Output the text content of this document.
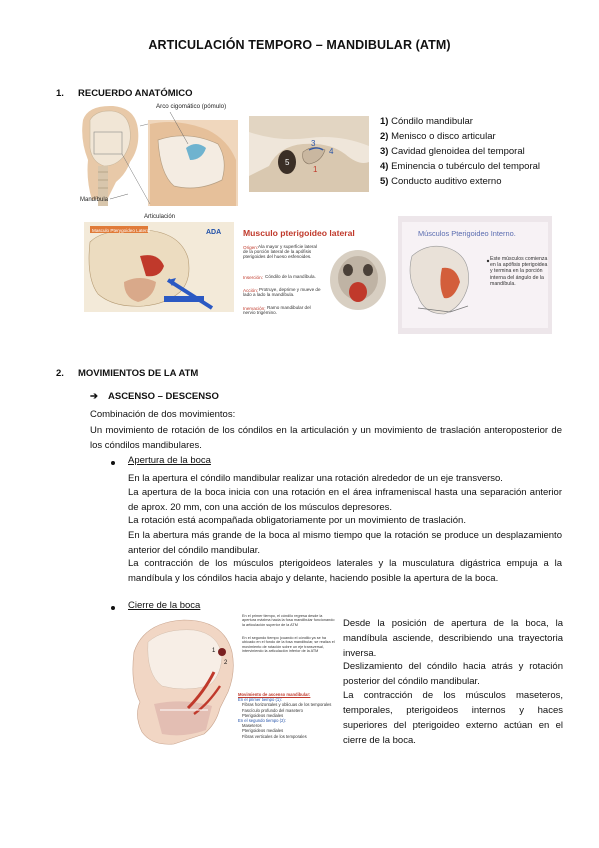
ARTICULACIÓN TEMPORO – MANDIBULAR (ATM)
1. RECUERDO ANATÓMICO
Arco cigomático (pómulo)
Mandíbula
Articulación
3
4
5
1
1) Cóndilo mandibular
2) Menisco o disco articular
3) Cavidad glenoidea del temporal
4) Eminencia o tubérculo del temporal
5) Conducto auditivo externo
Masculo Pterygoideo Lateral	ADA	Musculo pterigoideo lateral
Origen: Ala mayor y superficie lateral de la porción lateral de la apófisis pterigoides del hueso esfenoides.
Inserción: Cóndilo de la mandíbula.
Acción: Protruye, deprime y mueve de lado a lado la mandíbula.
Inervación: Ramo mandibular del nervio trigémino.
Músculos Pterigoideo Interno.
Este músculos comienza en la apófisis pterigoidea y termina en la porción interna del ángulo de la mandíbula.
2. MOVIMIENTOS DE LA ATM
➔ ASCENSO – DESCENSO
Combinación de dos movimientos:
Un movimiento de rotación de los cóndilos en la articulación y un movimiento de traslación anteroposterior de los cóndilos mandibulares.
Apertura de la boca
En la apertura el cóndilo mandibular realizar una rotación alrededor de un eje transverso.
La apertura de la boca inicia con una rotación en el área inframeniscal hasta una separación anterior de aprox. 20 mm, con una acción de los músculos depresores.
La rotación está acompañada obligatoriamente por un movimiento de traslación.
En la abertura más grande de la boca al mismo tiempo que la rotación se produce un desplazamiento anterior del cóndilo mandibular.
La contracción de los músculos pterigoideos laterales y la musculatura digástrica empuja a la mandíbula y los cóndilos hacia abajo y delante, haciendo posible la apertura de la boca.
Cierre de la boca
1
2
En el primer tiempo, el cóndilo regresa desde la apertura máxima hacia la fosa mandibular funcionando la articulación superior de la ATM
En el segundo tiempo (cuando el cóndilo ya se ha ubicado en el fondo de la fosa mandibular, se realiza el movimiento de rotación sobre un eje transversal, interviniendo la articulación inferior de la ATM
Movimiento de ascenso mandibular:
En el primer tiempo (1):
Fibras horizontales y oblicuas de los temporales
Fascículo profundo del masetero
Pterigoideos mediales
En el segundo tiempo (2):
Maseteros
Pterigoideos mediales
Fibras verticales de los temporales
Desde la posición de apertura de la boca, la mandíbula asciende, describiendo una trayectoria inversa.
Deslizamiento del cóndilo hacia atrás y rotación posterior del cóndilo mandibular.
La contracción de los músculos maseteros, temporales, pterigoideos internos y haces superiores del pterigoideo externo actúan en el cierre de la boca.
